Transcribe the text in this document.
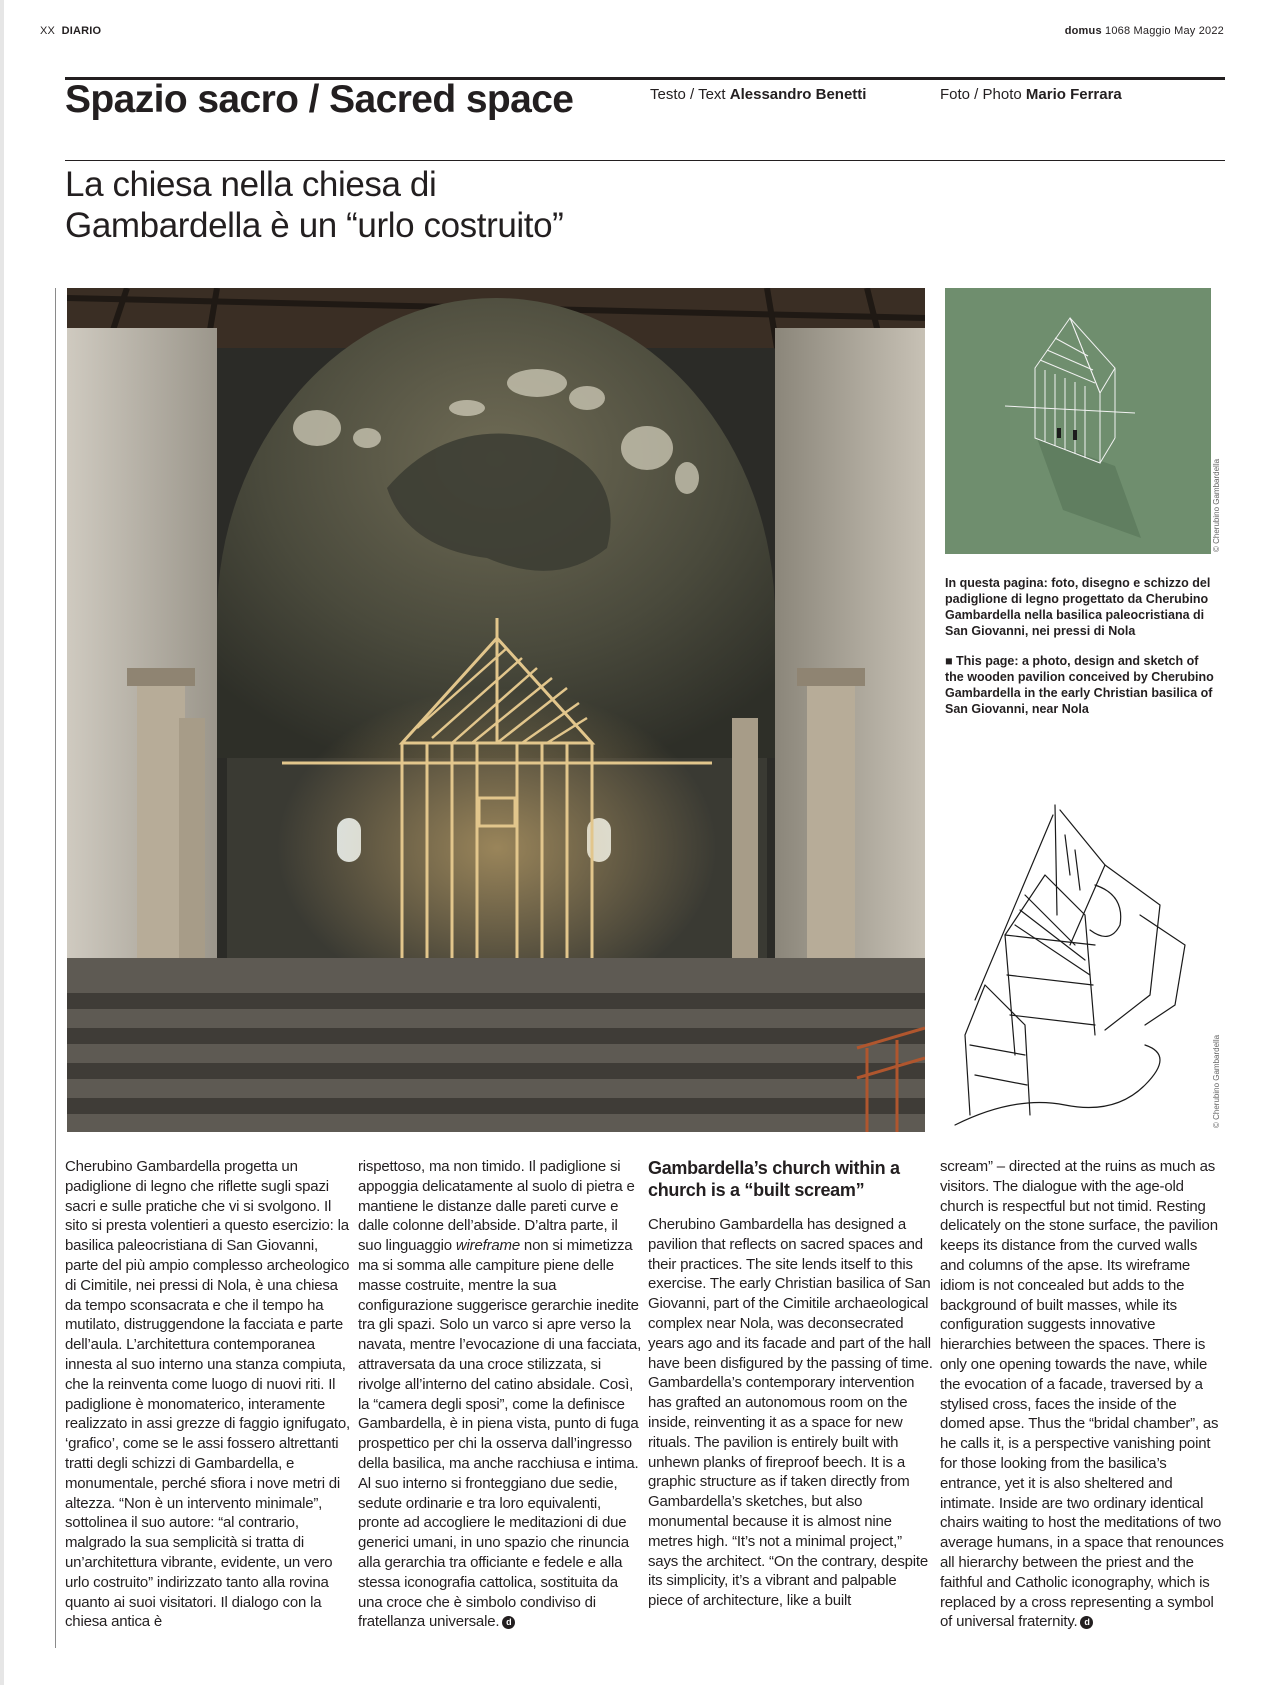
XX DIARIO	domus 1068 Maggio May 2022
Spazio sacro / Sacred space	Testo / Text Alessandro Benetti	Foto / Photo Mario Ferrara
La chiesa nella chiesa di
Gambardella è un “urlo costruito”
© Cherubino Gambardella

In questa pagina: foto, disegno e schizzo del padiglione di legno progettato da Cherubino Gambardella nella basilica paleocristiana di San Giovanni, nei pressi di Nola

■ This page: a photo, design and sketch of the wooden pavilion conceived by Cherubino Gambardella in the early Christian basilica of San Giovanni, near Nola

© Cherubino Gambardella

Cherubino Gambardella progetta un padiglione di legno che riflette sugli spazi sacri e sulle pratiche che vi si svolgono. Il sito si presta volentieri a questo esercizio: la basilica paleocristiana di San Giovanni, parte del più ampio complesso archeologico di Cimitile, nei pressi di Nola, è una chiesa da tempo sconsacrata e che il tempo ha mutilato, distruggendone la facciata e parte dell’aula. L’architettura contemporanea innesta al suo interno una stanza compiuta, che la reinventa come luogo di nuovi riti. Il padiglione è monomaterico, interamente realizzato in assi grezze di faggio ignifugato, ‘grafico’, come se le assi fossero altrettanti tratti degli schizzi di Gambardella, e monumentale, perché sfiora i nove metri di altezza. “Non è un intervento minimale”, sottolinea il suo autore: “al contrario, malgrado la sua semplicità si tratta di un’architettura vibrante, evidente, un vero urlo costruito” indirizzato tanto alla rovina quanto ai suoi visitatori. Il dialogo con la chiesa antica è

rispettoso, ma non timido. Il padiglione si appoggia delicatamente al suolo di pietra e mantiene le distanze dalle pareti curve e dalle colonne dell’abside. D’altra parte, il suo linguaggio wireframe non si mimetizza ma si somma alle campiture piene delle masse costruite, mentre la sua configurazione suggerisce gerarchie inedite tra gli spazi. Solo un varco si apre verso la navata, mentre l’evocazione di una facciata, attraversata da una croce stilizzata, si rivolge all’interno del catino absidale. Così, la “camera degli sposi”, come la definisce Gambardella, è in piena vista, punto di fuga prospettico per chi la osserva dall’ingresso della basilica, ma anche racchiusa e intima. Al suo interno si fronteggiano due sedie, sedute ordinarie e tra loro equivalenti, pronte ad accogliere le meditazioni di due generici umani, in uno spazio che rinuncia alla gerarchia tra officiante e fedele e alla stessa iconografia cattolica, sostituita da una croce che è simbolo condiviso di fratellanza universale. d

Gambardella’s church within a church is a “built scream”

Cherubino Gambardella has designed a pavilion that reflects on sacred spaces and their practices. The site lends itself to this exercise. The early Christian basilica of San Giovanni, part of the Cimitile archaeological complex near Nola, was deconsecrated years ago and its facade and part of the hall have been disfigured by the passing of time. Gambardella’s contemporary intervention has grafted an autonomous room on the inside, reinventing it as a space for new rituals. The pavilion is entirely built with unhewn planks of fireproof beech. It is a graphic structure as if taken directly from Gambardella’s sketches, but also monumental because it is almost nine metres high. “It’s not a minimal project,” says the architect. “On the contrary, despite its simplicity, it’s a vibrant and palpable piece of architecture, like a built

scream” – directed at the ruins as much as visitors. The dialogue with the age-old church is respectful but not timid. Resting delicately on the stone surface, the pavilion keeps its distance from the curved walls and columns of the apse. Its wireframe idiom is not concealed but adds to the background of built masses, while its configuration suggests innovative hierarchies between the spaces. There is only one opening towards the nave, while the evocation of a facade, traversed by a stylised cross, faces the inside of the domed apse. Thus the “bridal chamber”, as he calls it, is a perspective vanishing point for those looking from the basilica’s entrance, yet it is also sheltered and intimate. Inside are two ordinary identical chairs waiting to host the meditations of two average humans, in a space that renounces all hierarchy between the priest and the faithful and Catholic iconography, which is replaced by a cross representing a symbol of universal fraternity. d
